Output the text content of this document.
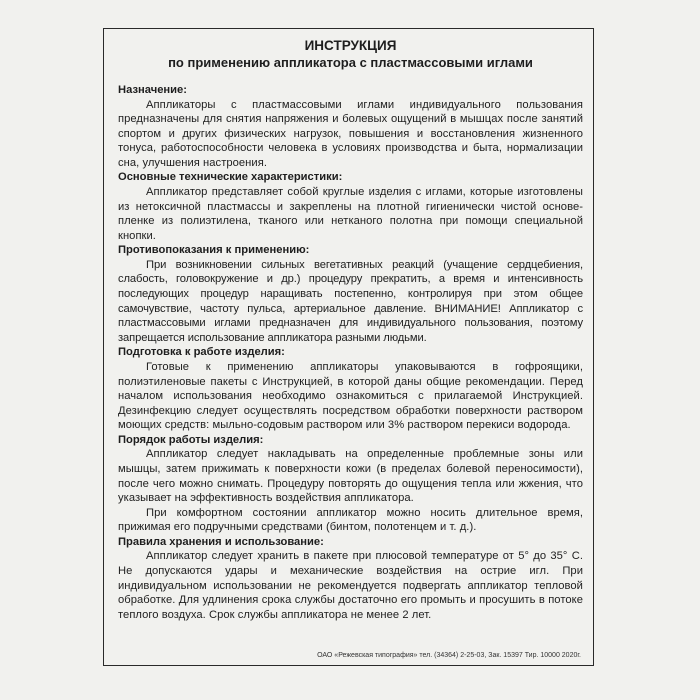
ИНСТРУКЦИЯ

по применению аппликатора с пластмассовыми иглами

Назначение:

Аппликаторы с пластмассовыми иглами индивидуального пользования предназначены для снятия напряжения и болевых ощущений в мышцах после занятий спортом и других физических нагрузок, повышения и восстановления жизненного тонуса, работоспособности человека в условиях производства и быта, нормализации сна, улучшения настроения.

Основные технические характеристики:

Аппликатор представляет собой круглые изделия с иглами, которые изготовлены из нетоксичной пластмассы и закреплены на плотной гигиенически чистой основе-пленке из полиэтилена, тканого или нетканого полотна при помощи специальной кнопки.

Противопоказания к применению:

При возникновении сильных вегетативных реакций (учащение сердцебиения, слабость, головокружение и др.) процедуру прекратить, а время и интенсивность последующих процедур наращивать постепенно, контролируя при этом общее самочувствие, частоту пульса, артериальное давление. ВНИМАНИЕ! Аппликатор с пластмассовыми иглами предназначен для индивидуального пользования, поэтому запрещается использование аппликатора разными людьми.

Подготовка к работе изделия:

Готовые к применению аппликаторы упаковываются в гофроящики, полиэтиленовые пакеты с Инструкцией, в которой даны общие рекомендации. Перед началом использования необходимо ознакомиться с прилагаемой Инструкцией. Дезинфекцию следует осуществлять посредством обработки поверхности раствором моющих средств: мыльно-содовым раствором или 3% раствором перекиси водорода.

Порядок работы изделия:

Аппликатор следует накладывать на определенные проблемные зоны или мышцы, затем прижимать к поверхности кожи (в пределах болевой переносимости), после чего можно снимать. Процедуру повторять до ощущения тепла или жжения, что указывает на эффективность воздействия аппликатора.

При комфортном состоянии аппликатор можно носить длительное время, прижимая его подручными средствами (бинтом, полотенцем и т. д.).

Правила хранения и использование:

Аппликатор следует хранить в пакете при плюсовой температуре от 5° до 35° С. Не допускаются удары и механические воздействия на острие игл. При индивидуальном использовании не рекомендуется подвергать аппликатор тепловой обработке. Для удлинения срока службы достаточно его промыть и просушить в потоке теплого воздуха. Срок службы аппликатора не менее 2 лет.

ОАО «Режевская типография» тел. (34364) 2-25-03, Зак. 15397 Тир. 10000 2020г.
